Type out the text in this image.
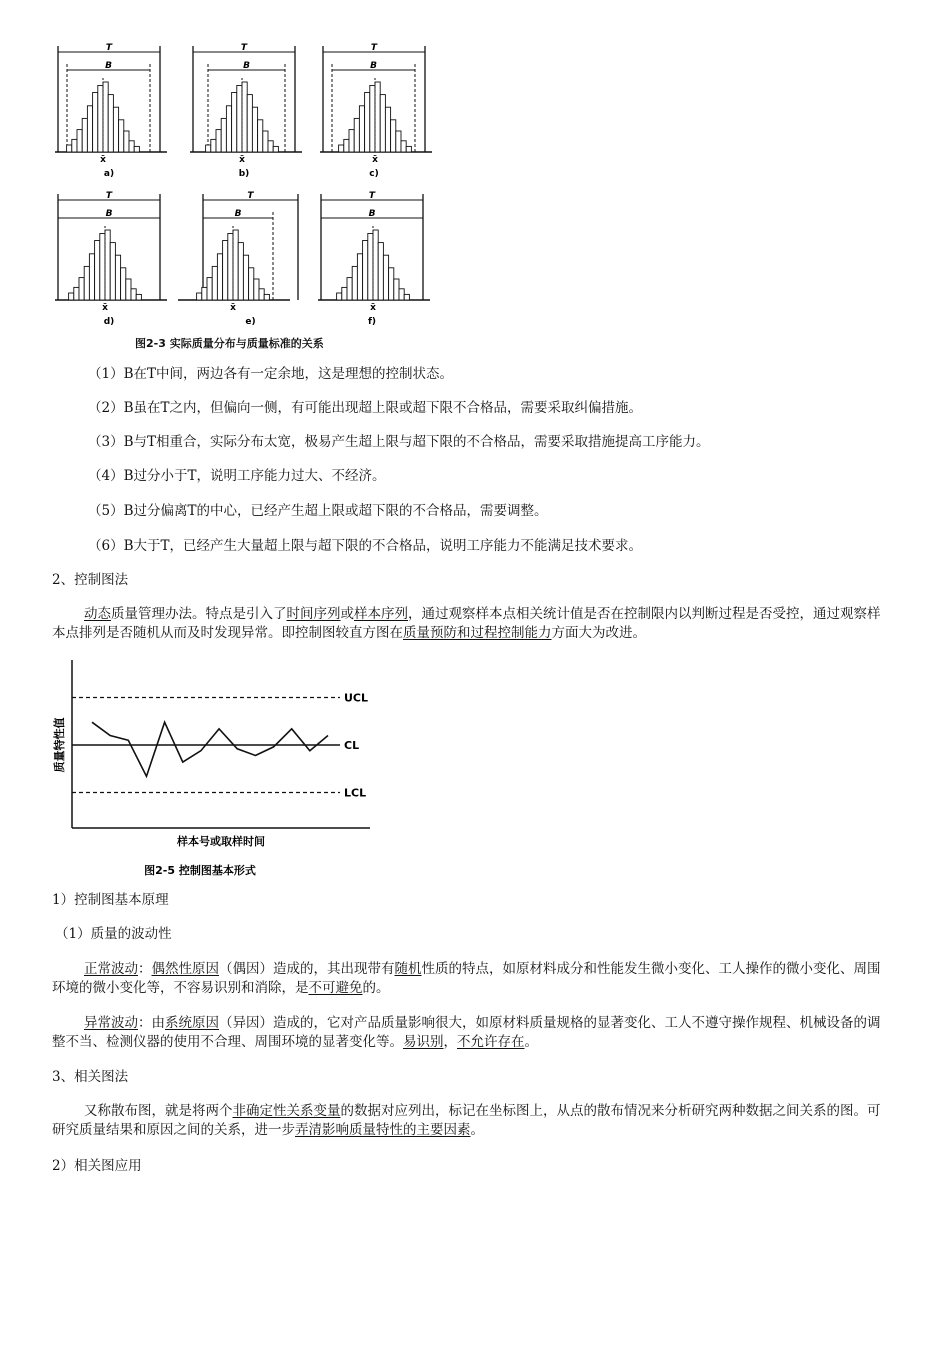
T
B
x̄
a)
T
B
x̄
b)
T
B
x̄
c)
T
B
x̄
d)
T
B
x̄
e)
T
B
x̄
f)
图2-3 实际质量分布与质量标准的关系
（1）B在T中间，两边各有一定余地，这是理想的控制状态。
（2）B虽在T之内，但偏向一侧，有可能出现超上限或超下限不合格品，需要采取纠偏措施。
（3）B与T相重合，实际分布太宽，极易产生超上限与超下限的不合格品，需要采取措施提高工序能力。
（4）B过分小于T，说明工序能力过大、不经济。
（5）B过分偏离T的中心，已经产生超上限或超下限的不合格品，需要调整。
（6）B大于T，已经产生大量超上限与超下限的不合格品，说明工序能力不能满足技术要求。
2、控制图法
动态质量管理办法。特点是引入了时间序列或样本序列，通过观察样本点相关统计值是否在控制限内以判断过程是否受控，通过观察样本点排列是否随机从而及时发现异常。即控制图较直方图在质量预防和过程控制能力方面大为改进。
UCL
CL
LCL
样本号或取样时间
质量特性值
图2-5 控制图基本形式
1）控制图基本原理
（1）质量的波动性
正常波动：偶然性原因（偶因）造成的，其出现带有随机性质的特点，如原材料成分和性能发生微小变化、工人操作的微小变化、周围环境的微小变化等，不容易识别和消除，是不可避免的。
异常波动：由系统原因（异因）造成的，它对产品质量影响很大，如原材料质量规格的显著变化、工人不遵守操作规程、机械设备的调整不当、检测仪器的使用不合理、周围环境的显著变化等。易识别，不允许存在。
3、相关图法
又称散布图，就是将两个非确定性关系变量的数据对应列出，标记在坐标图上，从点的散布情况来分析研究两种数据之间关系的图。可研究质量结果和原因之间的关系，进一步弄清影响质量特性的主要因素。
2）相关图应用
